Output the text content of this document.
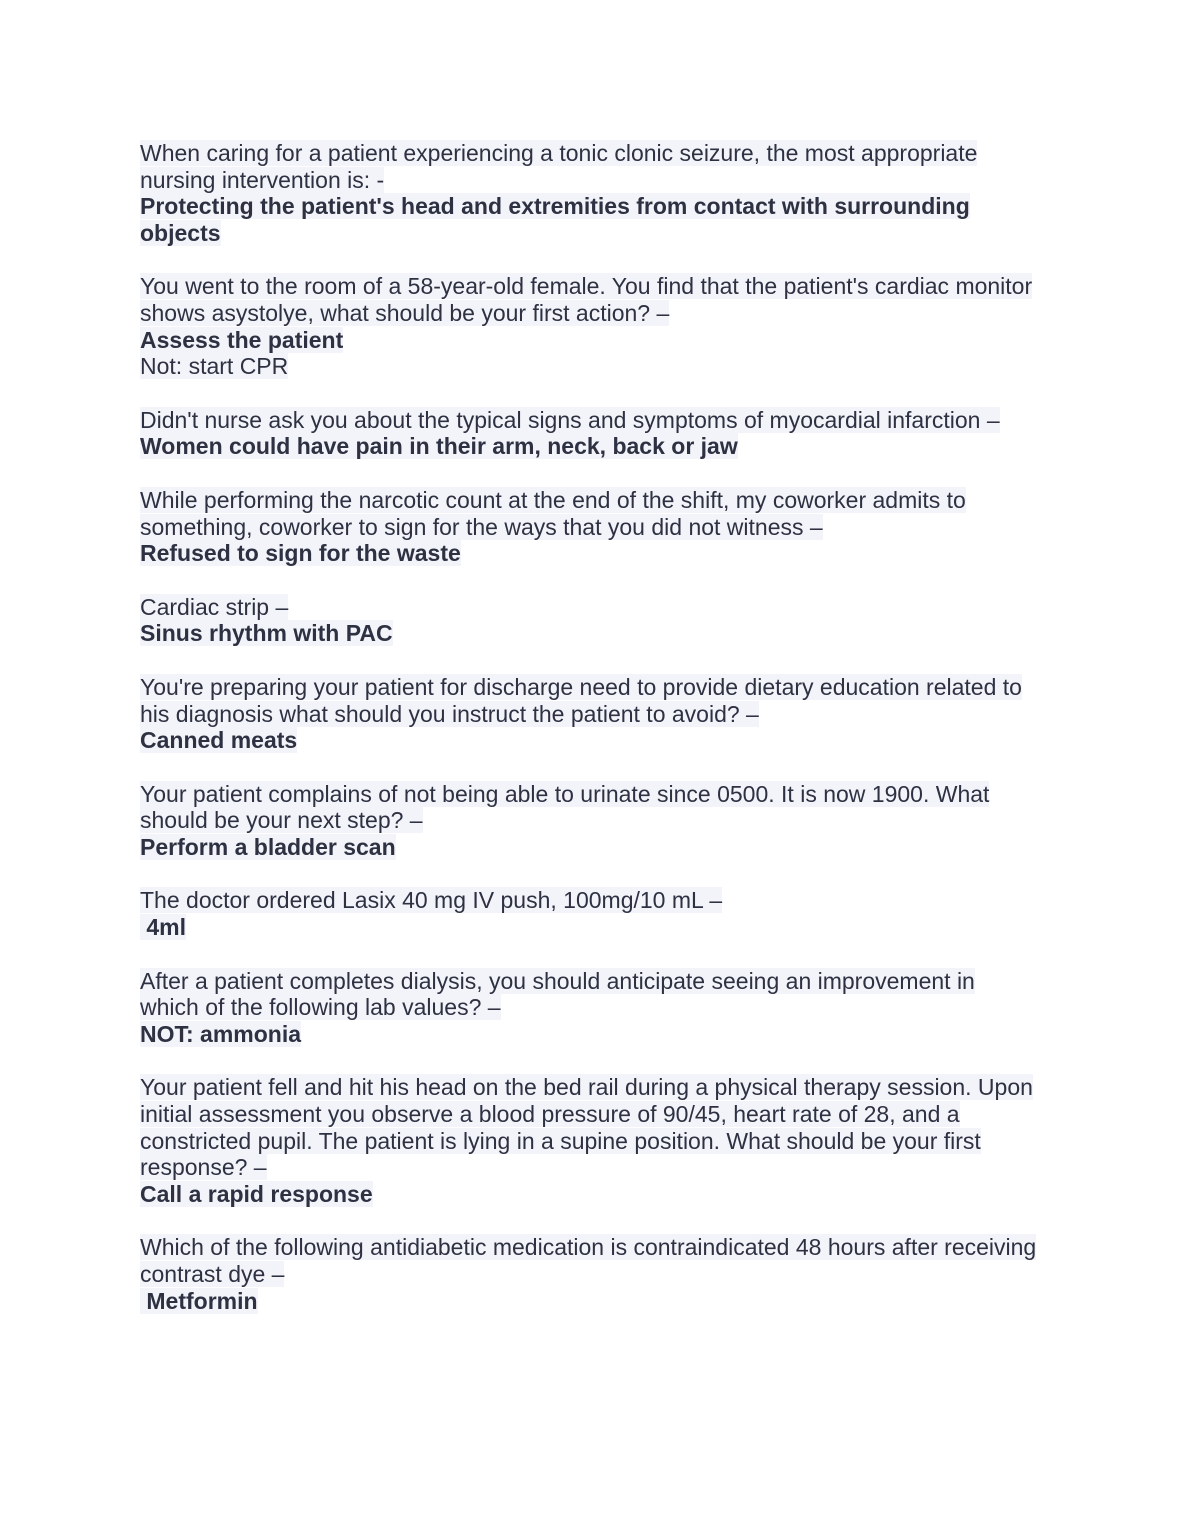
When caring for a patient experiencing a tonic clonic seizure, the most appropriate
nursing intervention is: -
Protecting the patient's head and extremities from contact with surrounding
objects
You went to the room of a 58-year-old female. You find that the patient's cardiac monitor
shows asystolye, what should be your first action? –
Assess the patient
Not: start CPR
Didn't nurse ask you about the typical signs and symptoms of myocardial infarction –
Women could have pain in their arm, neck, back or jaw
While performing the narcotic count at the end of the shift, my coworker admits to
something, coworker to sign for the ways that you did not witness –
Refused to sign for the waste
Cardiac strip –
Sinus rhythm with PAC
You're preparing your patient for discharge need to provide dietary education related to
his diagnosis what should you instruct the patient to avoid? –
Canned meats
Your patient complains of not being able to urinate since 0500. It is now 1900. What
should be your next step? –
Perform a bladder scan
The doctor ordered Lasix 40 mg IV push, 100mg/10 mL –
4ml
After a patient completes dialysis, you should anticipate seeing an improvement in
which of the following lab values? –
NOT: ammonia
Your patient fell and hit his head on the bed rail during a physical therapy session. Upon
initial assessment you observe a blood pressure of 90/45, heart rate of 28, and a
constricted pupil. The patient is lying in a supine position. What should be your first
response? –
Call a rapid response
Which of the following antidiabetic medication is contraindicated 48 hours after receiving
contrast dye –
Metformin
